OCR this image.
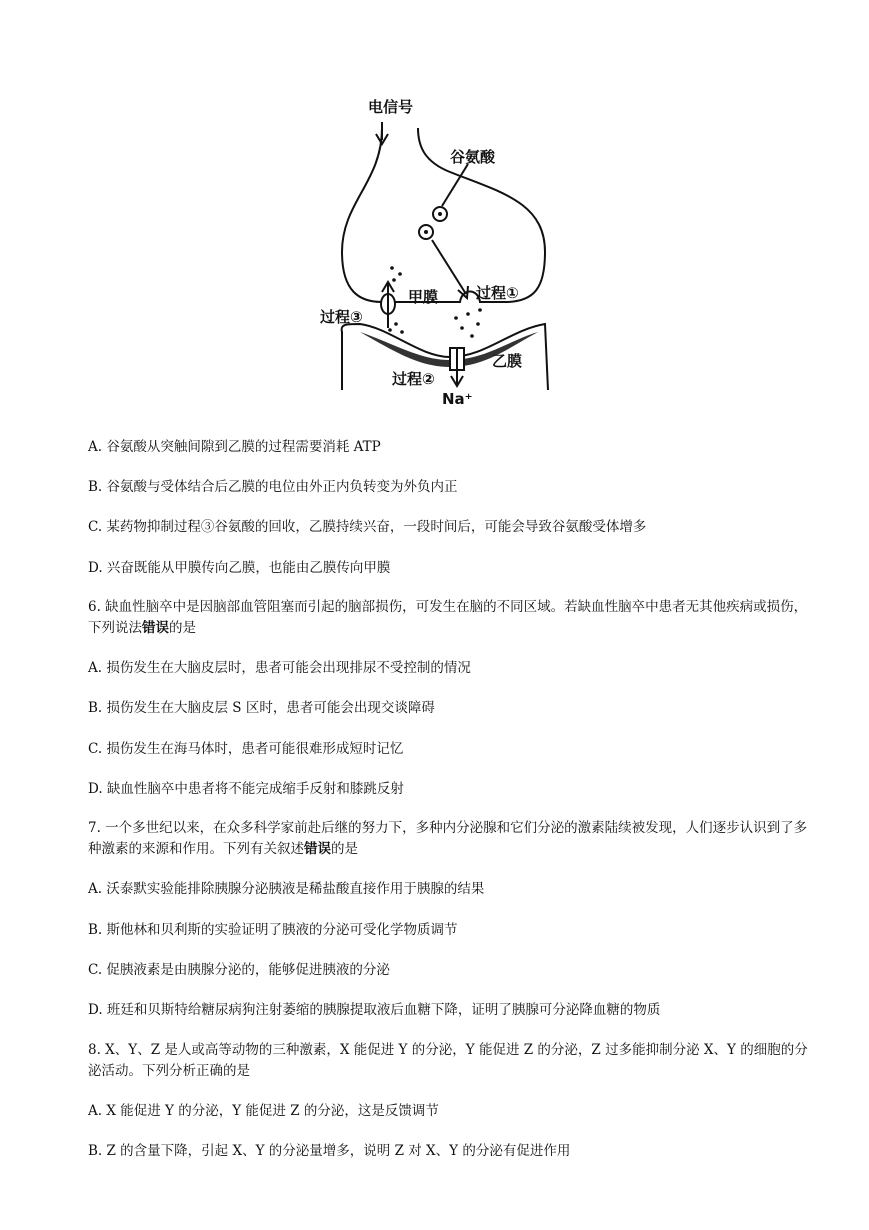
电信号
谷氨酸
甲膜	过程①
过程③
过程②
乙膜
Na⁺
A. 谷氨酸从突触间隙到乙膜的过程需要消耗 ATP
B. 谷氨酸与受体结合后乙膜的电位由外正内负转变为外负内正
C. 某药物抑制过程③谷氨酸的回收，乙膜持续兴奋，一段时间后，可能会导致谷氨酸受体增多
D. 兴奋既能从甲膜传向乙膜，也能由乙膜传向甲膜
6. 缺血性脑卒中是因脑部血管阻塞而引起的脑部损伤，可发生在脑的不同区域。若缺血性脑卒中患者无其他疾病或损伤，下列说法错误的是
A. 损伤发生在大脑皮层时，患者可能会出现排尿不受控制的情况
B. 损伤发生在大脑皮层 S 区时，患者可能会出现交谈障碍
C. 损伤发生在海马体时，患者可能很难形成短时记忆
D. 缺血性脑卒中患者将不能完成缩手反射和膝跳反射
7. 一个多世纪以来，在众多科学家前赴后继的努力下，多种内分泌腺和它们分泌的激素陆续被发现，人们逐步认识到了多种激素的来源和作用。下列有关叙述错误的是
A. 沃泰默实验能排除胰腺分泌胰液是稀盐酸直接作用于胰腺的结果
B. 斯他林和贝利斯的实验证明了胰液的分泌可受化学物质调节
C. 促胰液素是由胰腺分泌的，能够促进胰液的分泌
D. 班廷和贝斯特给糖尿病狗注射萎缩的胰腺提取液后血糖下降，证明了胰腺可分泌降血糖的物质
8. X、Y、Z 是人或高等动物的三种激素，X 能促进 Y 的分泌，Y 能促进 Z 的分泌，Z 过多能抑制分泌 X、Y 的细胞的分泌活动。下列分析正确的是
A. X 能促进 Y 的分泌，Y 能促进 Z 的分泌，这是反馈调节
B. Z 的含量下降，引起 X、Y 的分泌量增多，说明 Z 对 X、Y 的分泌有促进作用
